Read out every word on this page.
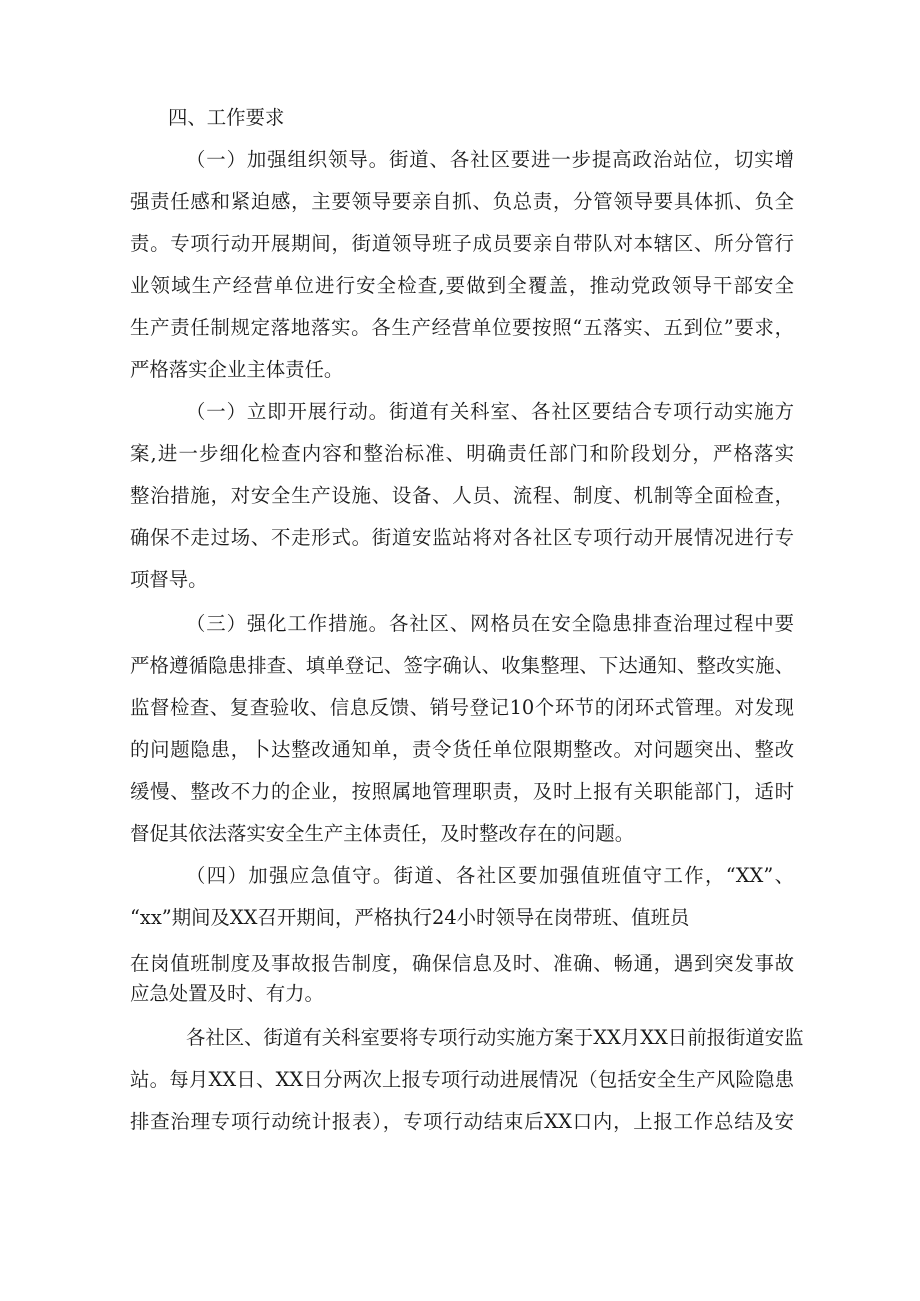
四、工作要求
（一）加强组织领导。街道、各社区要进一步提高政治站位，切实增
强责任感和紧迫感，主要领导要亲自抓、负总责，分管领导要具体抓、负全
责。专项行动开展期间，街道领导班子成员要亲自带队对本辖区、所分管行
业领域生产经营单位进行安全检查,要做到全覆盖，推动党政领导干部安全
生产责任制规定落地落实。各生产经营单位要按照“五落实、五到位”要求，
严格落实企业主体责任。
（一）立即开展行动。街道有关科室、各社区要结合专项行动实施方
案,进一步细化检查内容和整治标准、明确责任部门和阶段划分，严格落实
整治措施，对安全生产设施、设备、人员、流程、制度、机制等全面检查，
确保不走过场、不走形式。街道安监站将对各社区专项行动开展情况进行专
项督导。
（三）强化工作措施。各社区、网格员在安全隐患排查治理过程中要
严格遵循隐患排查、填单登记、签字确认、收集整理、下达通知、整改实施、
监督检查、复查验收、信息反馈、销号登记10个环节的闭环式管理。对发现
的问题隐患，卜达整改通知单，责令货任单位限期整改。对问题突出、整改
缓慢、整改不力的企业，按照属地管理职责，及时上报有关职能部门，适时
督促其依法落实安全生产主体责任，及时整改存在的问题。
（四）加强应急值守。街道、各社区要加强值班值守工作，“XX”、
“xx”期间及XX召开期间，严格执行24小时领导在岗带班、值班员
在岗值班制度及事故报告制度，确保信息及时、准确、畅通，遇到突发事故
应急处置及时、有力。
各社区、街道有关科室要将专项行动实施方案于XX月XX日前报街道安监
站。每月XX日、XX日分两次上报专项行动进展情况（包括安全生产风险隐患
排查治理专项行动统计报表），专项行动结束后XX口内，上报工作总结及安
